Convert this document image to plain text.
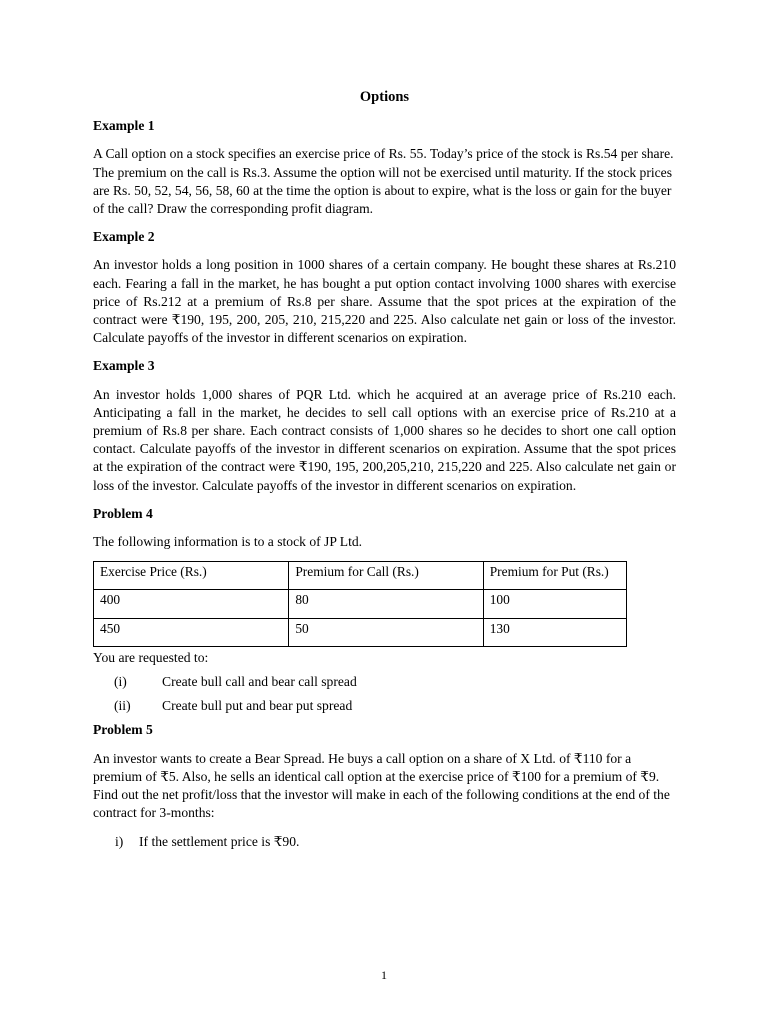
Options
Example 1

A Call option on a stock specifies an exercise price of Rs. 55. Today’s price of the stock is Rs.54 per share. The premium on the call is Rs.3. Assume the option will not be exercised until maturity. If the stock prices are Rs. 50, 52, 54, 56, 58, 60 at the time the option is about to expire, what is the loss or gain for the buyer of the call? Draw the corresponding profit diagram.

Example 2

An investor holds a long position in 1000 shares of a certain company. He bought these shares at Rs.210 each. Fearing a fall in the market, he has bought a put option contact involving 1000 shares with exercise price of Rs.212 at a premium of Rs.8 per share. Assume that the spot prices at the expiration of the contract were ₹190, 195, 200, 205, 210, 215,220 and 225. Also calculate net gain or loss of the investor. Calculate payoffs of the investor in different scenarios on expiration.

Example 3

An investor holds 1,000 shares of PQR Ltd. which he acquired at an average price of Rs.210 each. Anticipating a fall in the market, he decides to sell call options with an exercise price of Rs.210 at a premium of Rs.8 per share. Each contract consists of 1,000 shares so he decides to short one call option contact. Calculate payoffs of the investor in different scenarios on expiration. Assume that the spot prices at the expiration of the contract were ₹190, 195, 200,205,210, 215,220 and 225. Also calculate net gain or loss of the investor. Calculate payoffs of the investor in different scenarios on expiration.

Problem 4

The following information is to a stock of JP Ltd.

Exercise Price (Rs.)	Premium for Call (Rs.)	Premium for Put (Rs.)
400	80	100
450	50	130
You are requested to:
(i)	Create bull call and bear call spread
(ii)	Create bull put and bear put spread
Problem 5

An investor wants to create a Bear Spread. He buys a call option on a share of X Ltd. of ₹110 for a premium of ₹5. Also, he sells an identical call option at the exercise price of ₹100 for a premium of ₹9. Find out the net profit/loss that the investor will make in each of the following conditions at the end of the contract for 3-months:

i)	If the settlement price is ₹90.
1
